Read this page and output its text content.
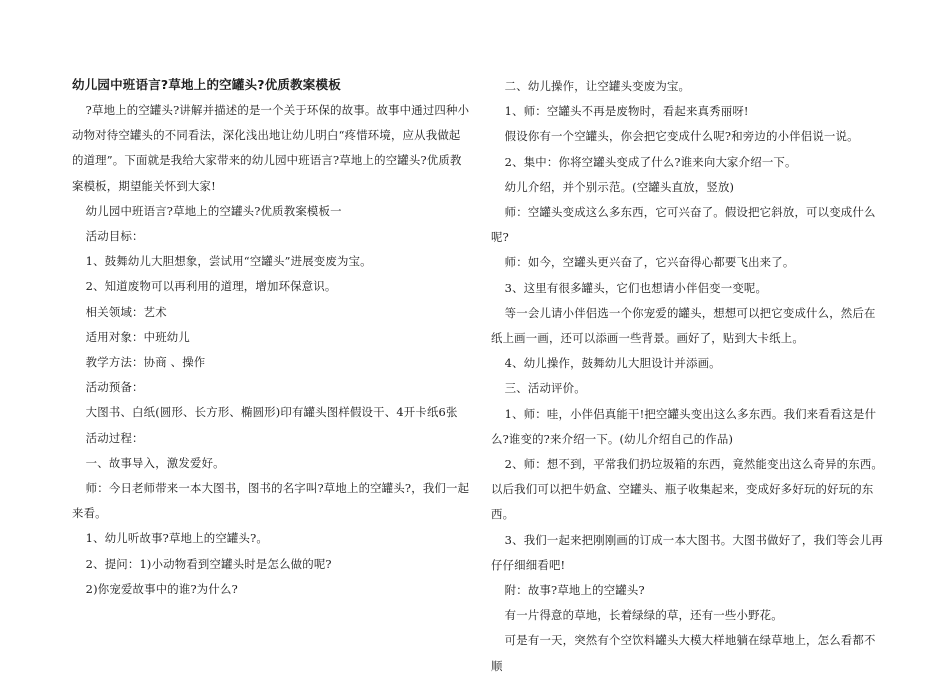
幼儿园中班语言?草地上的空罐头?优质教案模板

?草地上的空罐头?讲解并描述的是一个关于环保的故事。故事中通过四种小动物对待空罐头的不同看法，深化浅出地让幼儿明白“疼惜环境，应从我做起的道理”。下面就是我给大家带来的幼儿园中班语言?草地上的空罐头?优质教案模板，期望能关怀到大家!

幼儿园中班语言?草地上的空罐头?优质教案模板一

活动目标：

1、鼓舞幼儿大胆想象，尝试用“空罐头”进展变废为宝。

2、知道废物可以再利用的道理，增加环保意识。

相关领域：艺术

适用对象：中班幼儿

教学方法：协商 、操作

活动预备：

大图书、白纸(圆形、长方形、椭圆形)印有罐头图样假设干、4开卡纸6张

活动过程：

一、故事导入，激发爱好。

师：今日老师带来一本大图书，图书的名字叫?草地上的空罐头?，我们一起来看。

1、幼儿听故事?草地上的空罐头?。

2、提问：1)小动物看到空罐头时是怎么做的呢?

2)你宠爱故事中的谁?为什么?

二、幼儿操作，让空罐头变废为宝。

1、师：空罐头不再是废物时，看起来真秀丽呀!

假设你有一个空罐头，你会把它变成什么呢?和旁边的小伴侣说一说。

2、集中：你将空罐头变成了什么?谁来向大家介绍一下。

幼儿介绍，并个别示范。(空罐头直放，竖放)

师：空罐头变成这么多东西，它可兴奋了。假设把它斜放，可以变成什么呢?

师：如今，空罐头更兴奋了，它兴奋得心都要飞出来了。

3、这里有很多罐头，它们也想请小伴侣变一变呢。

等一会儿请小伴侣选一个你宠爱的罐头，想想可以把它变成什么，然后在纸上画一画，还可以添画一些背景。画好了，贴到大卡纸上。

4、幼儿操作，鼓舞幼儿大胆设计并添画。

三、活动评价。

1、师：哇，小伴侣真能干!把空罐头变出这么多东西。我们来看看这是什么?谁变的?来介绍一下。(幼儿介绍自己的作品)

2、师：想不到，平常我们扔垃圾箱的东西，竟然能变出这么奇异的东西。以后我们可以把牛奶盒、空罐头、瓶子收集起来，变成好多好玩的好玩的东西。

3、我们一起来把刚刚画的订成一本大图书。大图书做好了，我们等会儿再仔仔细细看吧!

附：故事?草地上的空罐头?

有一片得意的草地，长着绿绿的草，还有一些小野花。

可是有一天，突然有个空饮料罐头大模大样地躺在绿草地上，怎么看都不顺
